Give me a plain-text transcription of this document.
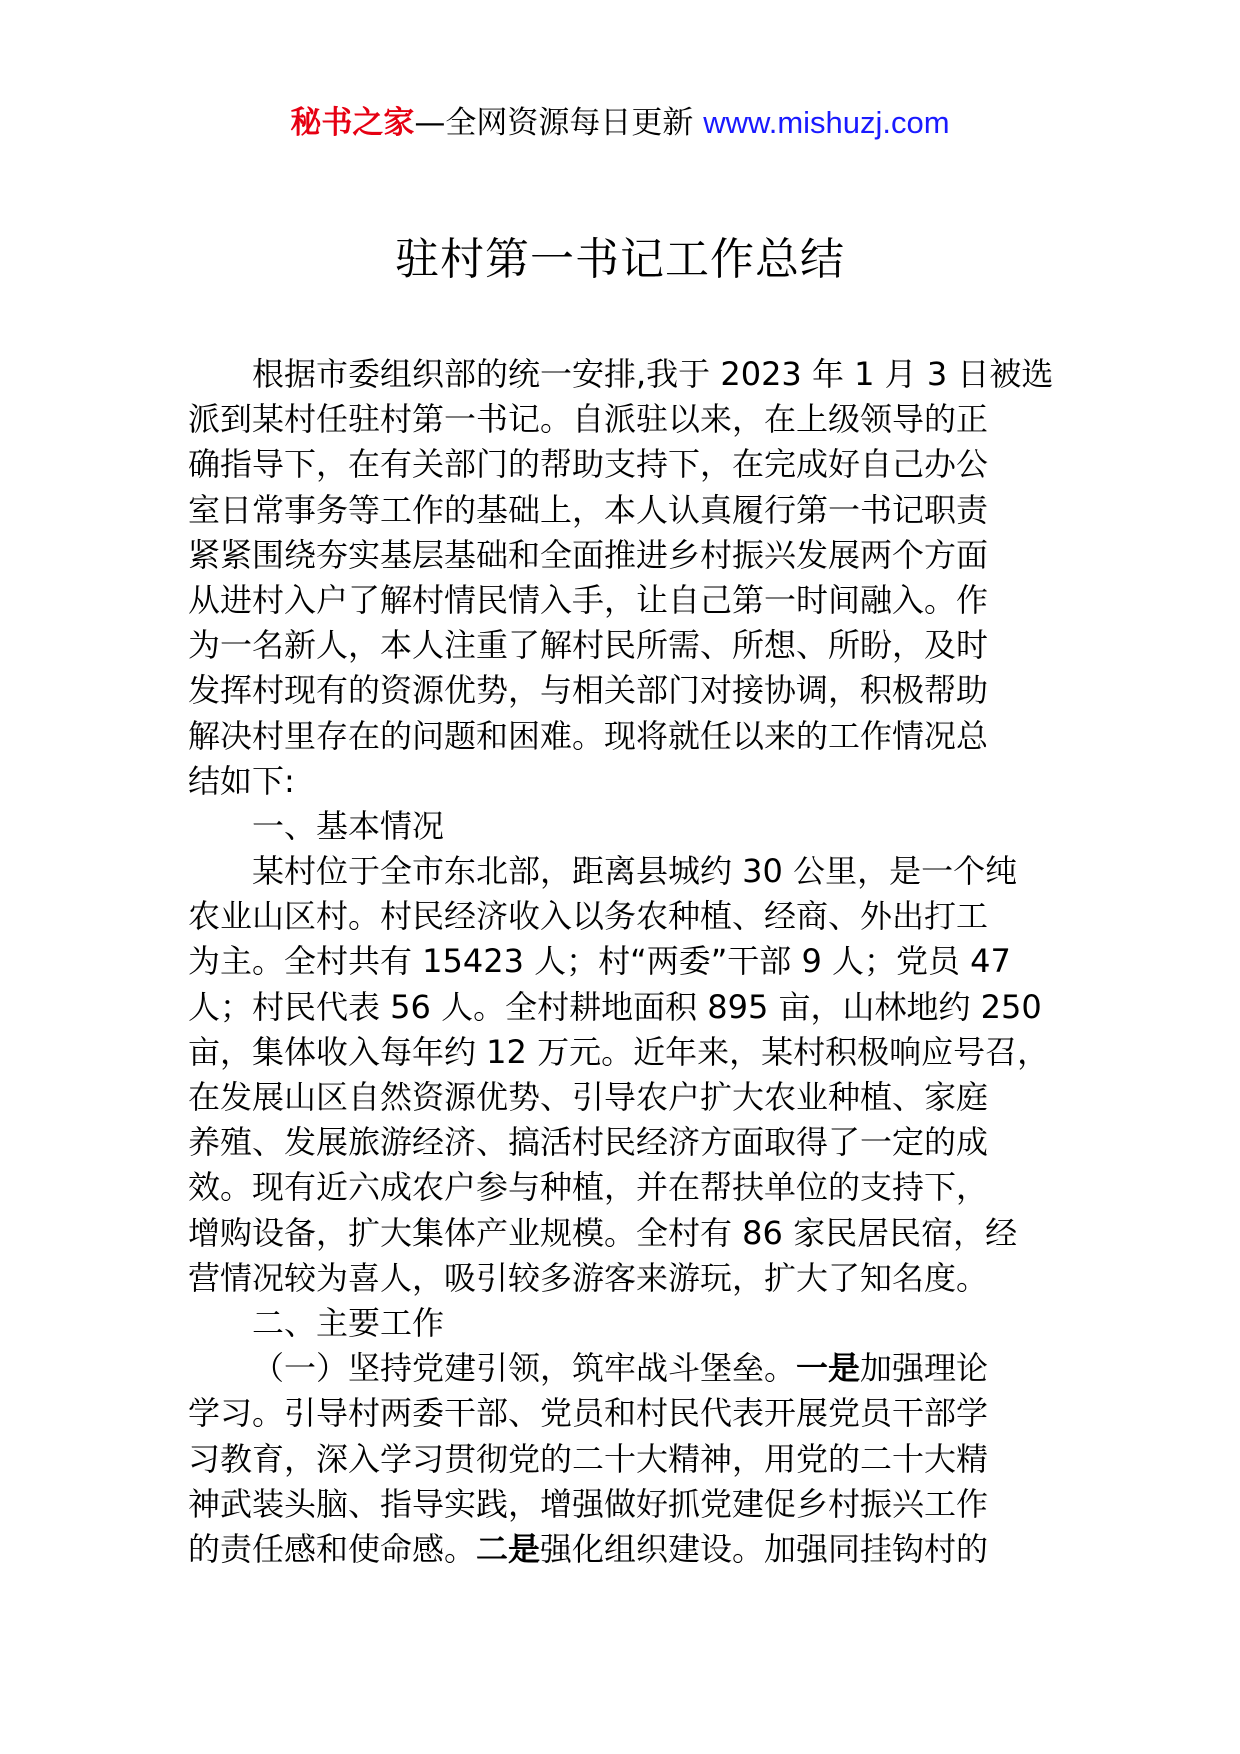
秘书之家—全网资源每日更新 www.mishuzj.com
驻村第一书记工作总结
根据市委组织部的统一安排,我于 2023 年 1 月 3 日被选
派到某村任驻村第一书记。自派驻以来，在上级领导的正
确指导下，在有关部门的帮助支持下，在完成好自己办公
室日常事务等工作的基础上，本人认真履行第一书记职责
紧紧围绕夯实基层基础和全面推进乡村振兴发展两个方面
从进村入户了解村情民情入手，让自己第一时间融入。作
为一名新人，本人注重了解村民所需、所想、所盼，及时
发挥村现有的资源优势，与相关部门对接协调，积极帮助
解决村里存在的问题和困难。现将就任以来的工作情况总
结如下:
一、基本情况
某村位于全市东北部，距离县城约 30 公里，是一个纯
农业山区村。村民经济收入以务农种植、经商、外出打工
为主。全村共有 15423 人；村“两委”干部 9 人；党员 47
人；村民代表 56 人。全村耕地面积 895 亩，山林地约 250
亩，集体收入每年约 12 万元。近年来，某村积极响应号召，
在发展山区自然资源优势、引导农户扩大农业种植、家庭
养殖、发展旅游经济、搞活村民经济方面取得了一定的成
效。现有近六成农户参与种植，并在帮扶单位的支持下，
增购设备，扩大集体产业规模。全村有 86 家民居民宿，经
营情况较为喜人，吸引较多游客来游玩，扩大了知名度。
二、主要工作
（一）坚持党建引领，筑牢战斗堡垒。一是加强理论
学习。引导村两委干部、党员和村民代表开展党员干部学
习教育，深入学习贯彻党的二十大精神，用党的二十大精
神武装头脑、指导实践，增强做好抓党建促乡村振兴工作
的责任感和使命感。二是强化组织建设。加强同挂钩村的
